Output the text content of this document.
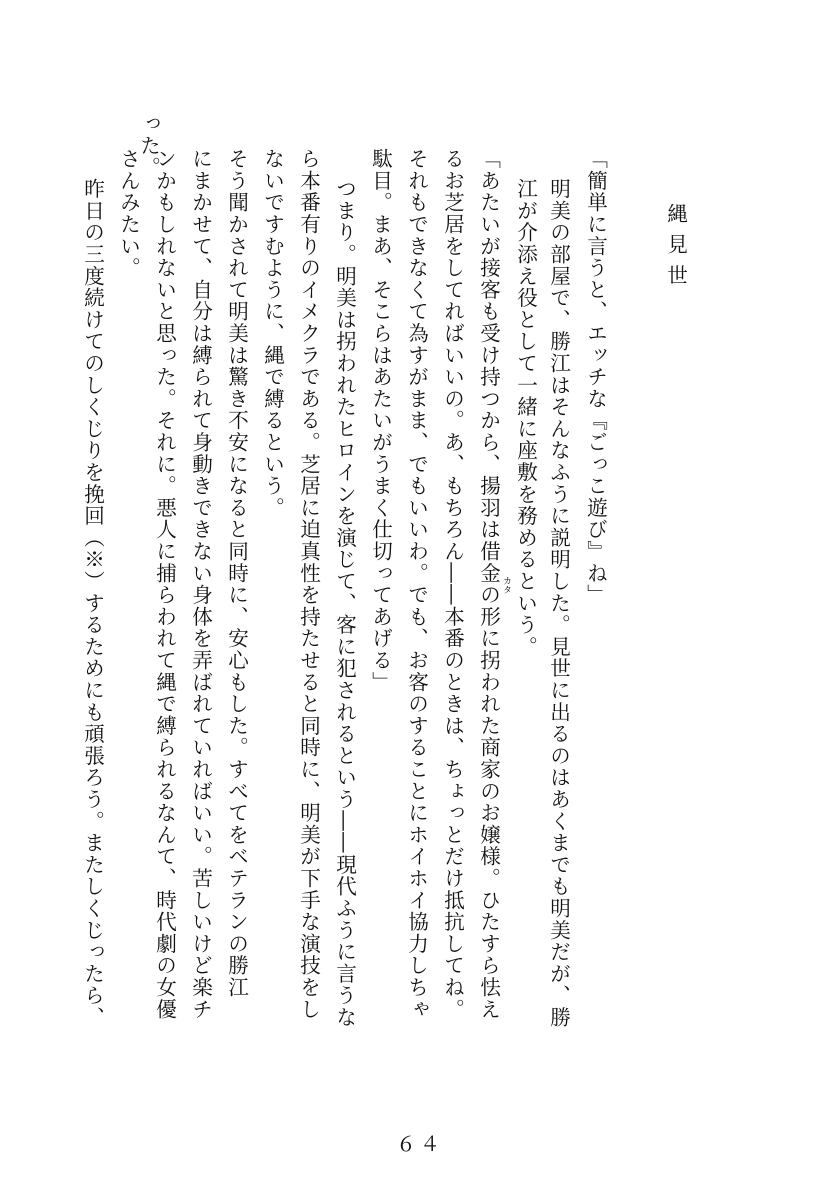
った。
縄見世
明美の部屋で、勝江はそんなふうに説明した。見世に出るのはあくまでも明美だが、勝
江が介添え役として一緒に座敷を務めるという。 「簡単に言うと、エッチな『ごっこ遊び』ね」
「あたいが接客も受け持つから、揚羽は借金の形に拐われた商家のお嬢様。ひたすら怯え
るお芝居をしてればいいの。あ、もちろん――本番のときは、ちょっとだけ抵抗してね。
それもできなくて為すがまま、でもいいわ。でも、お客のすることにホイホイ協力しちゃ
駄目。まあ、そこらはあたいがうまく仕切ってあげる」
つまり。明美は拐われたヒロインを演じて、客に犯されるという――現代ふうに言うな
ら本番有りのイメクラである。芝居に迫真性を持たせると同時に、明美が下手な演技をし
ないですむように、縄で縛るという。
そう聞かされて明美は驚き不安になると同時に、安心もした。すべてをベテランの勝江
にまかせて、自分は縛られて身動きできない身体を弄ばれていればいい。苦しいけど楽チ
ンかもしれないと思った。それに。悪人に捕らわれて縄で縛られるなんて、時代劇の女優
さんみたい。
昨日の三度続けてのしくじりを挽回（※）するためにも頑張ろう。またしくじったら、	カタ
６４
